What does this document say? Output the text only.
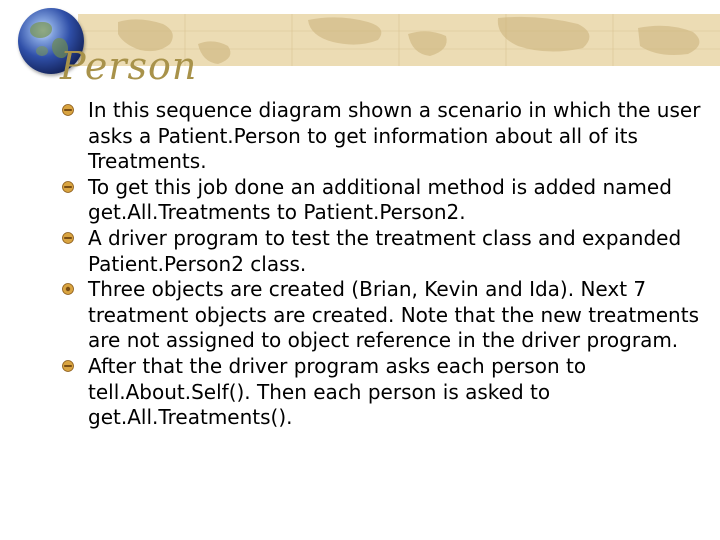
Person
In this sequence diagram shown a scenario in which the user asks a Patient.Person to get information about all of its Treatments.
To get this job done an additional method is added named get.All.Treatments to Patient.Person2.
A driver program to test the treatment class and expanded Patient.Person2 class.
Three objects are created (Brian, Kevin and Ida). Next 7 treatment objects are created. Note that the new treatments are not assigned to object reference in the driver program.
After that the driver program asks each person to tell.About.Self(). Then each person is asked to get.All.Treatments().
